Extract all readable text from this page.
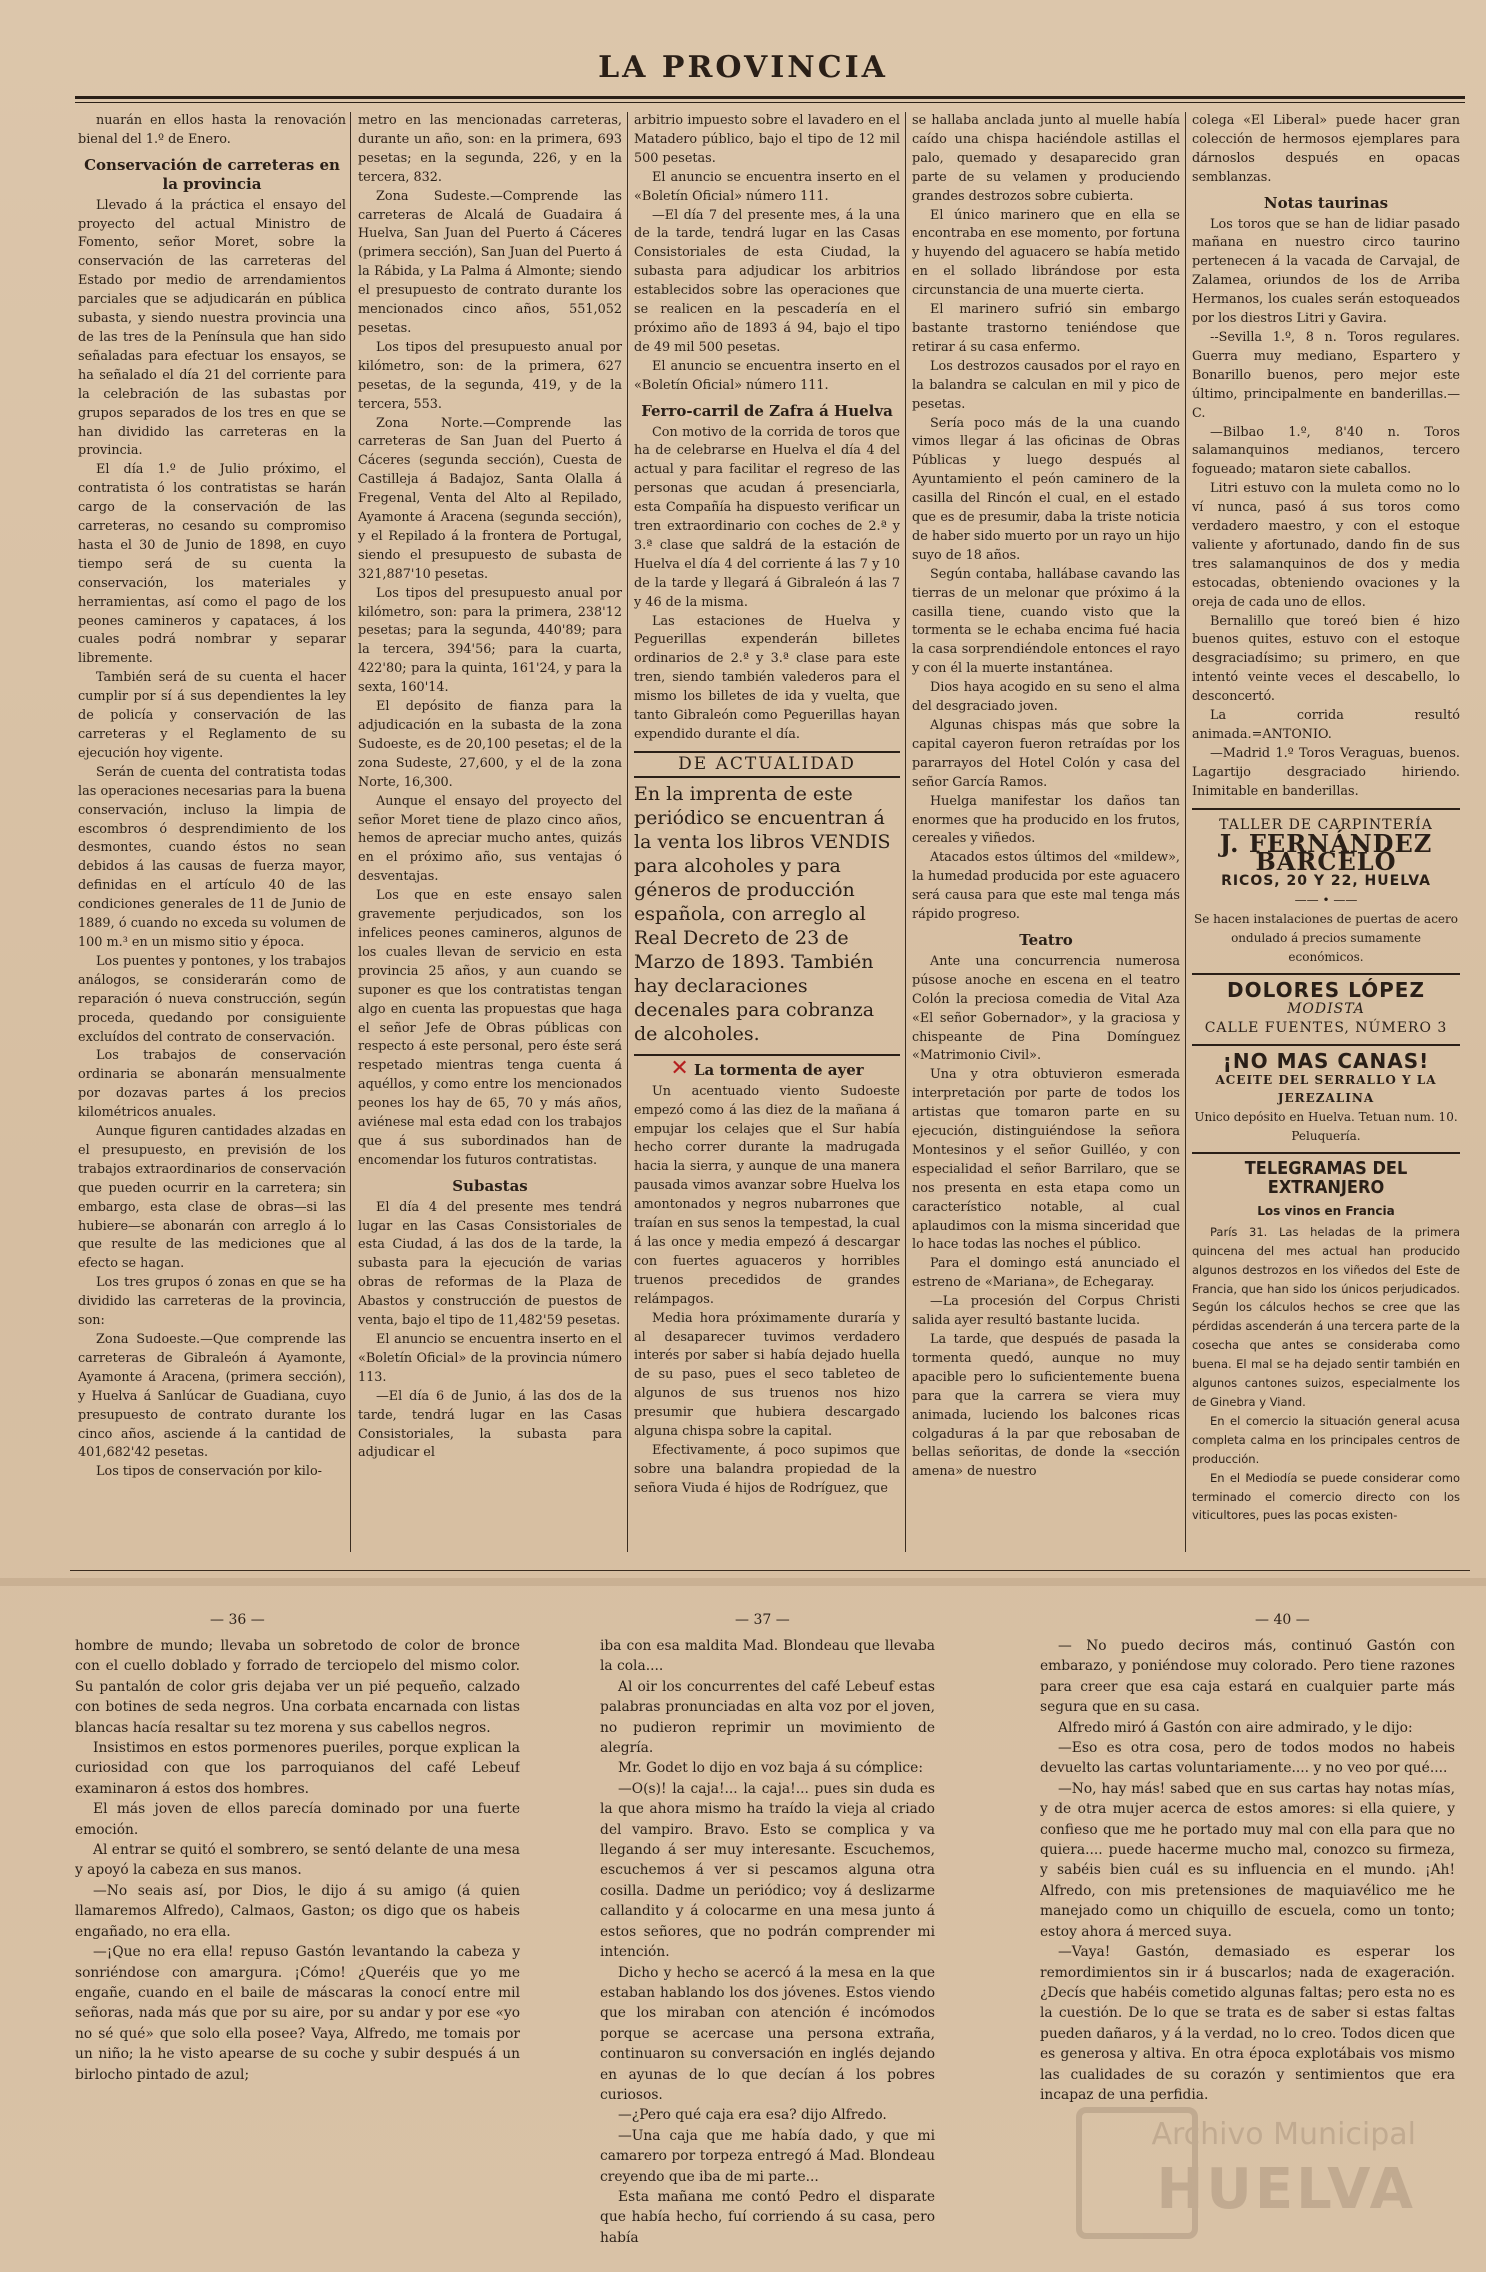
LA PROVINCIA

nuarán en ellos hasta la renovación bienal del 1.º de Enero.

Conservación de carreteras en la provincia

Llevado á la práctica el ensayo del proyecto del actual Ministro de Fomento, señor Moret, sobre la conservación de las carreteras del Estado por medio de arrendamientos parciales que se adjudicarán en pública subasta, y siendo nuestra provincia una de las tres de la Península que han sido señaladas para efectuar los ensayos, se ha señalado el día 21 del corriente para la celebración de las subastas por grupos separados de los tres en que se han dividido las carreteras en la provincia.

El día 1.º de Julio próximo, el contratista ó los contratistas se harán cargo de la conservación de las carreteras, no cesando su compromiso hasta el 30 de Junio de 1898, en cuyo tiempo será de su cuenta la conservación, los materiales y herramientas, así como el pago de los peones camineros y capataces, á los cuales podrá nombrar y separar libremente.

También será de su cuenta el hacer cumplir por sí á sus dependientes la ley de policía y conservación de las carreteras y el Reglamento de su ejecución hoy vigente.

Serán de cuenta del contratista todas las operaciones necesarias para la buena conservación, incluso la limpia de escombros ó desprendimiento de los desmontes, cuando éstos no sean debidos á las causas de fuerza mayor, definidas en el artículo 40 de las condiciones generales de 11 de Junio de 1889, ó cuando no exceda su volumen de 100 m.³ en un mismo sitio y época.

Los puentes y pontones, y los trabajos análogos, se considerarán como de reparación ó nueva construcción, según proceda, quedando por consiguiente excluídos del contrato de conservación.

Los trabajos de conservación ordinaria se abonarán mensualmente por dozavas partes á los precios kilométricos anuales.

Aunque figuren cantidades alzadas en el presupuesto, en previsión de los trabajos extraordinarios de conservación que pueden ocurrir en la carretera; sin embargo, esta clase de obras—si las hubiere—se abonarán con arreglo á lo que resulte de las mediciones que al efecto se hagan.

Los tres grupos ó zonas en que se ha dividido las carreteras de la provincia, son:

Zona Sudoeste.—Que comprende las carreteras de Gibraleón á Ayamonte, Ayamonte á Aracena, (primera sección), y Huelva á Sanlúcar de Guadiana, cuyo presupuesto de contrato durante los cinco años, asciende á la cantidad de 401,682'42 pesetas.

Los tipos de conservación por kilo-

metro en las mencionadas carreteras, durante un año, son: en la primera, 693 pesetas; en la segunda, 226, y en la tercera, 832.

Zona Sudeste.—Comprende las carreteras de Alcalá de Guadaira á Huelva, San Juan del Puerto á Cáceres (primera sección), San Juan del Puerto á la Rábida, y La Palma á Almonte; siendo el presupuesto de contrato durante los mencionados cinco años, 551,052 pesetas.

Los tipos del presupuesto anual por kilómetro, son: de la primera, 627 pesetas, de la segunda, 419, y de la tercera, 553.

Zona Norte.—Comprende las carreteras de San Juan del Puerto á Cáceres (segunda sección), Cuesta de Castilleja á Badajoz, Santa Olalla á Fregenal, Venta del Alto al Repilado, Ayamonte á Aracena (segunda sección), y el Repilado á la frontera de Portugal, siendo el presupuesto de subasta de 321,887'10 pesetas.

Los tipos del presupuesto anual por kilómetro, son: para la primera, 238'12 pesetas; para la segunda, 440'89; para la tercera, 394'56; para la cuarta, 422'80; para la quinta, 161'24, y para la sexta, 160'14.

El depósito de fianza para la adjudicación en la subasta de la zona Sudoeste, es de 20,100 pesetas; el de la zona Sudeste, 27,600, y el de la zona Norte, 16,300.

Aunque el ensayo del proyecto del señor Moret tiene de plazo cinco años, hemos de apreciar mucho antes, quizás en el próximo año, sus ventajas ó desventajas.

Los que en este ensayo salen gravemente perjudicados, son los infelices peones camineros, algunos de los cuales llevan de servicio en esta provincia 25 años, y aun cuando se suponer es que los contratistas tengan algo en cuenta las propuestas que haga el señor Jefe de Obras públicas con respecto á este personal, pero éste será respetado mientras tenga cuenta á aquéllos, y como entre los mencionados peones los hay de 65, 70 y más años, aviénese mal esta edad con los trabajos que á sus subordinados han de encomendar los futuros contratistas.

Subastas

El día 4 del presente mes tendrá lugar en las Casas Consistoriales de esta Ciudad, á las dos de la tarde, la subasta para la ejecución de varias obras de reformas de la Plaza de Abastos y construcción de puestos de venta, bajo el tipo de 11,482'59 pesetas.

El anuncio se encuentra inserto en el «Boletín Oficial» de la provincia número 113.

—El día 6 de Junio, á las dos de la tarde, tendrá lugar en las Casas Consistoriales, la subasta para adjudicar el

arbitrio impuesto sobre el lavadero en el Matadero público, bajo el tipo de 12 mil 500 pesetas.

El anuncio se encuentra inserto en el «Boletín Oficial» número 111.

—El día 7 del presente mes, á la una de la tarde, tendrá lugar en las Casas Consistoriales de esta Ciudad, la subasta para adjudicar los arbitrios establecidos sobre las operaciones que se realicen en la pescadería en el próximo año de 1893 á 94, bajo el tipo de 49 mil 500 pesetas.

El anuncio se encuentra inserto en el «Boletín Oficial» número 111.

Ferro-carril de Zafra á Huelva

Con motivo de la corrida de toros que ha de celebrarse en Huelva el día 4 del actual y para facilitar el regreso de las personas que acudan á presenciarla, esta Compañía ha dispuesto verificar un tren extraordinario con coches de 2.ª y 3.ª clase que saldrá de la estación de Huelva el día 4 del corriente á las 7 y 10 de la tarde y llegará á Gibraleón á las 7 y 46 de la misma.

Las estaciones de Huelva y Peguerillas expenderán billetes ordinarios de 2.ª y 3.ª clase para este tren, siendo también valederos para el mismo los billetes de ida y vuelta, que tanto Gibraleón como Peguerillas hayan expendido durante el día.

DE ACTUALIDAD
En la imprenta de este periódico se encuentran á la venta los libros VENDIS para alcoholes y para géneros de producción española, con arreglo al Real Decreto de 23 de Marzo de 1893. También hay declaraciones decenales para cobranza de alcoholes.
✕ La tormenta de ayer

Un acentuado viento Sudoeste empezó como á las diez de la mañana á empujar los celajes que el Sur había hecho correr durante la madrugada hacia la sierra, y aunque de una manera pausada vimos avanzar sobre Huelva los amontonados y negros nubarrones que traían en sus senos la tempestad, la cual á las once y media empezó á descargar con fuertes aguaceros y horribles truenos precedidos de grandes relámpagos.

Media hora próximamente duraría y al desaparecer tuvimos verdadero interés por saber si había dejado huella de su paso, pues el seco tableteo de algunos de sus truenos nos hizo presumir que hubiera descargado alguna chispa sobre la capital.

Efectivamente, á poco supimos que sobre una balandra propiedad de la señora Viuda é hijos de Rodríguez, que

se hallaba anclada junto al muelle había caído una chispa haciéndole astillas el palo, quemado y desaparecido gran parte de su velamen y produciendo grandes destrozos sobre cubierta.

El único marinero que en ella se encontraba en ese momento, por fortuna y huyendo del aguacero se había metido en el sollado librándose por esta circunstancia de una muerte cierta.

El marinero sufrió sin embargo bastante trastorno teniéndose que retirar á su casa enfermo.

Los destrozos causados por el rayo en la balandra se calculan en mil y pico de pesetas.

Sería poco más de la una cuando vimos llegar á las oficinas de Obras Públicas y luego después al Ayuntamiento el peón caminero de la casilla del Rincón el cual, en el estado que es de presumir, daba la triste noticia de haber sido muerto por un rayo un hijo suyo de 18 años.

Según contaba, hallábase cavando las tierras de un melonar que próximo á la casilla tiene, cuando visto que la tormenta se le echaba encima fué hacia la casa sorprendiéndole entonces el rayo y con él la muerte instantánea.

Dios haya acogido en su seno el alma del desgraciado joven.

Algunas chispas más que sobre la capital cayeron fueron retraídas por los pararrayos del Hotel Colón y casa del señor García Ramos.

Huelga manifestar los daños tan enormes que ha producido en los frutos, cereales y viñedos.

Atacados estos últimos del «mildew», la humedad producida por este aguacero será causa para que este mal tenga más rápido progreso.

Teatro

Ante una concurrencia numerosa púsose anoche en escena en el teatro Colón la preciosa comedia de Vital Aza «El señor Gobernador», y la graciosa y chispeante de Pina Domínguez «Matrimonio Civil».

Una y otra obtuvieron esmerada interpretación por parte de todos los artistas que tomaron parte en su ejecución, distinguiéndose la señora Montesinos y el señor Guilléo, y con especialidad el señor Barrilaro, que se nos presenta en esta etapa como un característico notable, al cual aplaudimos con la misma sinceridad que lo hace todas las noches el público.

Para el domingo está anunciado el estreno de «Mariana», de Echegaray.

—La procesión del Corpus Christi salida ayer resultó bastante lucida.

La tarde, que después de pasada la tormenta quedó, aunque no muy apacible pero lo suficientemente buena para que la carrera se viera muy animada, luciendo los balcones ricas colgaduras á la par que rebosaban de bellas señoritas, de donde la «sección amena» de nuestro

colega «El Liberal» puede hacer gran colección de hermosos ejemplares para dárnoslos después en opacas semblanzas.

Notas taurinas

Los toros que se han de lidiar pasado mañana en nuestro circo taurino pertenecen á la vacada de Carvajal, de Zalamea, oriundos de los de Arriba Hermanos, los cuales serán estoqueados por los diestros Litri y Gavira.

--Sevilla 1.º, 8 n. Toros regulares. Guerra muy mediano, Espartero y Bonarillo buenos, pero mejor este último, principalmente en banderillas.—C.

—Bilbao 1.º, 8'40 n. Toros salamanquinos medianos, tercero fogueado; mataron siete caballos.

Litri estuvo con la muleta como no lo ví nunca, pasó á sus toros como verdadero maestro, y con el estoque valiente y afortunado, dando fin de sus tres salamanquinos de dos y media estocadas, obteniendo ovaciones y la oreja de cada uno de ellos.

Bernalillo que toreó bien é hizo buenos quites, estuvo con el estoque desgraciadísimo; su primero, en que intentó veinte veces el descabello, lo desconcertó.

La corrida resultó animada.=ANTONIO.

—Madrid 1.º Toros Veraguas, buenos. Lagartijo desgraciado hiriendo. Inimitable en banderillas.

TALLER DE CARPINTERÍA
J. FERNÁNDEZ BARCELÓ
RICOS, 20 Y 22, HUELVA
—— • ——
Se hacen instalaciones de puertas de acero ondulado á precios sumamente económicos.
DOLORES LÓPEZ
MODISTA
CALLE FUENTES, NÚMERO 3
¡NO MAS CANAS!
ACEITE DEL SERRALLO Y LA JEREZALINA
Unico depósito en Huelva. Tetuan num. 10. Peluquería.
TELEGRAMAS DEL EXTRANJERO
Los vinos en Francia

París 31. Las heladas de la primera quincena del mes actual han producido algunos destrozos en los viñedos del Este de Francia, que han sido los únicos perjudicados. Según los cálculos hechos se cree que las pérdidas ascenderán á una tercera parte de la cosecha que antes se consideraba como buena. El mal se ha dejado sentir también en algunos cantones suizos, especialmente los de Ginebra y Viand.

En el comercio la situación general acusa completa calma en los principales centros de producción.

En el Mediodía se puede considerar como terminado el comercio directo con los viticultores, pues las pocas existen-

— 36 —	— 37 —	— 40 —

hombre de mundo; llevaba un sobretodo de color de bronce con el cuello doblado y forrado de terciopelo del mismo color. Su pantalón de color gris dejaba ver un pié pequeño, calzado con botines de seda negros. Una corbata encarnada con listas blancas hacía resaltar su tez morena y sus cabellos negros.

Insistimos en estos pormenores pueriles, porque explican la curiosidad con que los parroquianos del café Lebeuf examinaron á estos dos hombres.

El más joven de ellos parecía dominado por una fuerte emoción.

Al entrar se quitó el sombrero, se sentó delante de una mesa y apoyó la cabeza en sus manos.

—No seais así, por Dios, le dijo á su amigo (á quien llamaremos Alfredo), Calmaos, Gaston; os digo que os habeis engañado, no era ella.

—¡Que no era ella! repuso Gastón levantando la cabeza y sonriéndose con amargura. ¡Cómo! ¿Queréis que yo me engañe, cuando en el baile de máscaras la conocí entre mil señoras, nada más que por su aire, por su andar y por ese «yo no sé qué» que solo ella posee? Vaya, Alfredo, me tomais por un niño; la he visto apearse de su coche y subir después á un birlocho pintado de azul;

iba con esa maldita Mad. Blondeau que llevaba la cola....

Al oir los concurrentes del café Lebeuf estas palabras pronunciadas en alta voz por el joven, no pudieron reprimir un movimiento de alegría.

Mr. Godet lo dijo en voz baja á su cómplice:

—O(s)! la caja!... la caja!... pues sin duda es la que ahora mismo ha traído la vieja al criado del vampiro. Bravo. Esto se complica y va llegando á ser muy interesante. Escuchemos, escuchemos á ver si pescamos alguna otra cosilla. Dadme un periódico; voy á deslizarme callandito y á colocarme en una mesa junto á estos señores, que no podrán comprender mi intención.

Dicho y hecho se acercó á la mesa en la que estaban hablando los dos jóvenes. Estos viendo que los miraban con atención é incómodos porque se acercase una persona extraña, continuaron su conversación en inglés dejando en ayunas de lo que decían á los pobres curiosos.

—¿Pero qué caja era esa? dijo Alfredo.

—Una caja que me había dado, y que mi camarero por torpeza entregó á Mad. Blondeau creyendo que iba de mi parte...

Esta mañana me contó Pedro el disparate que había hecho, fuí corriendo á su casa, pero había

— No puedo deciros más, continuó Gastón con embarazo, y poniéndose muy colorado. Pero tiene razones para creer que esa caja estará en cualquier parte más segura que en su casa.

Alfredo miró á Gastón con aire admirado, y le dijo:

—Eso es otra cosa, pero de todos modos no habeis devuelto las cartas voluntariamente.... y no veo por qué....

—No, hay más! sabed que en sus cartas hay notas mías, y de otra mujer acerca de estos amores: si ella quiere, y confieso que me he portado muy mal con ella para que no quiera.... puede hacerme mucho mal, conozco su firmeza, y sabéis bien cuál es su influencia en el mundo. ¡Ah! Alfredo, con mis pretensiones de maquiavélico me he manejado como un chiquillo de escuela, como un tonto; estoy ahora á merced suya.

—Vaya! Gastón, demasiado es esperar los remordimientos sin ir á buscarlos; nada de exageración. ¿Decís que habéis cometido algunas faltas; pero esta no es la cuestión. De lo que se trata es de saber si estas faltas pueden dañaros, y á la verdad, no lo creo. Todos dicen que es generosa y altiva. En otra época explotábais vos mismo las cualidades de su corazón y sentimientos que era incapaz de una perfidia.

Archivo Municipal
HUELVA
